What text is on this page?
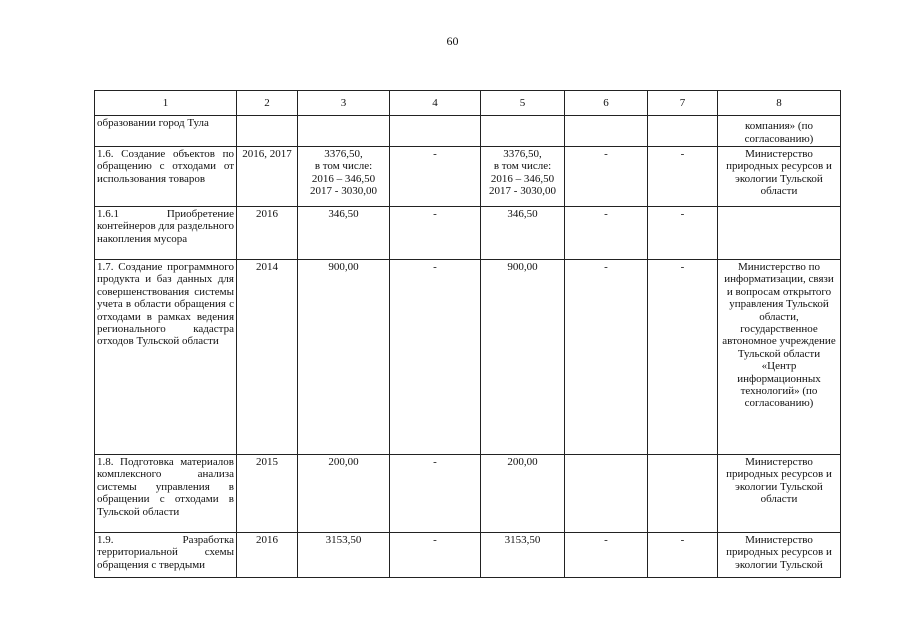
60
1	2	3	4	5	6	7	8
образовании город Тула							компания» (по согласованию)
1.6. Создание объектов по обращению с отходами от использования товаров	2016, 2017	3376,50,
в том числе:
2016 – 346,50
2017 - 3030,00	-	3376,50,
в том числе:
2016 – 346,50
2017 - 3030,00	-	-	Министерство природных ресурсов и экологии Тульской области
1.6.1 Приобретение контейнеров для раздельного накопления мусора	2016	346,50	-	346,50	-	-	
1.7. Создание программного продукта и баз данных для совершенствования системы учета в области обращения с отходами в рамках ведения регионального кадастра отходов Тульской области	2014	900,00	-	900,00	-	-	Министерство по информатизации, связи и вопросам открытого управления Тульской области, государственное автономное учреждение Тульской области «Центр информационных технологий» (по согласованию)
1.8. Подготовка материалов комплексного анализа системы управления в обращении с отходами в Тульской области	2015	200,00	-	200,00			Министерство природных ресурсов и экологии Тульской области
1.9. Разработка территориальной схемы обращения с твердыми	2016	3153,50	-	3153,50	-	-	Министерство природных ресурсов и экологии Тульской
